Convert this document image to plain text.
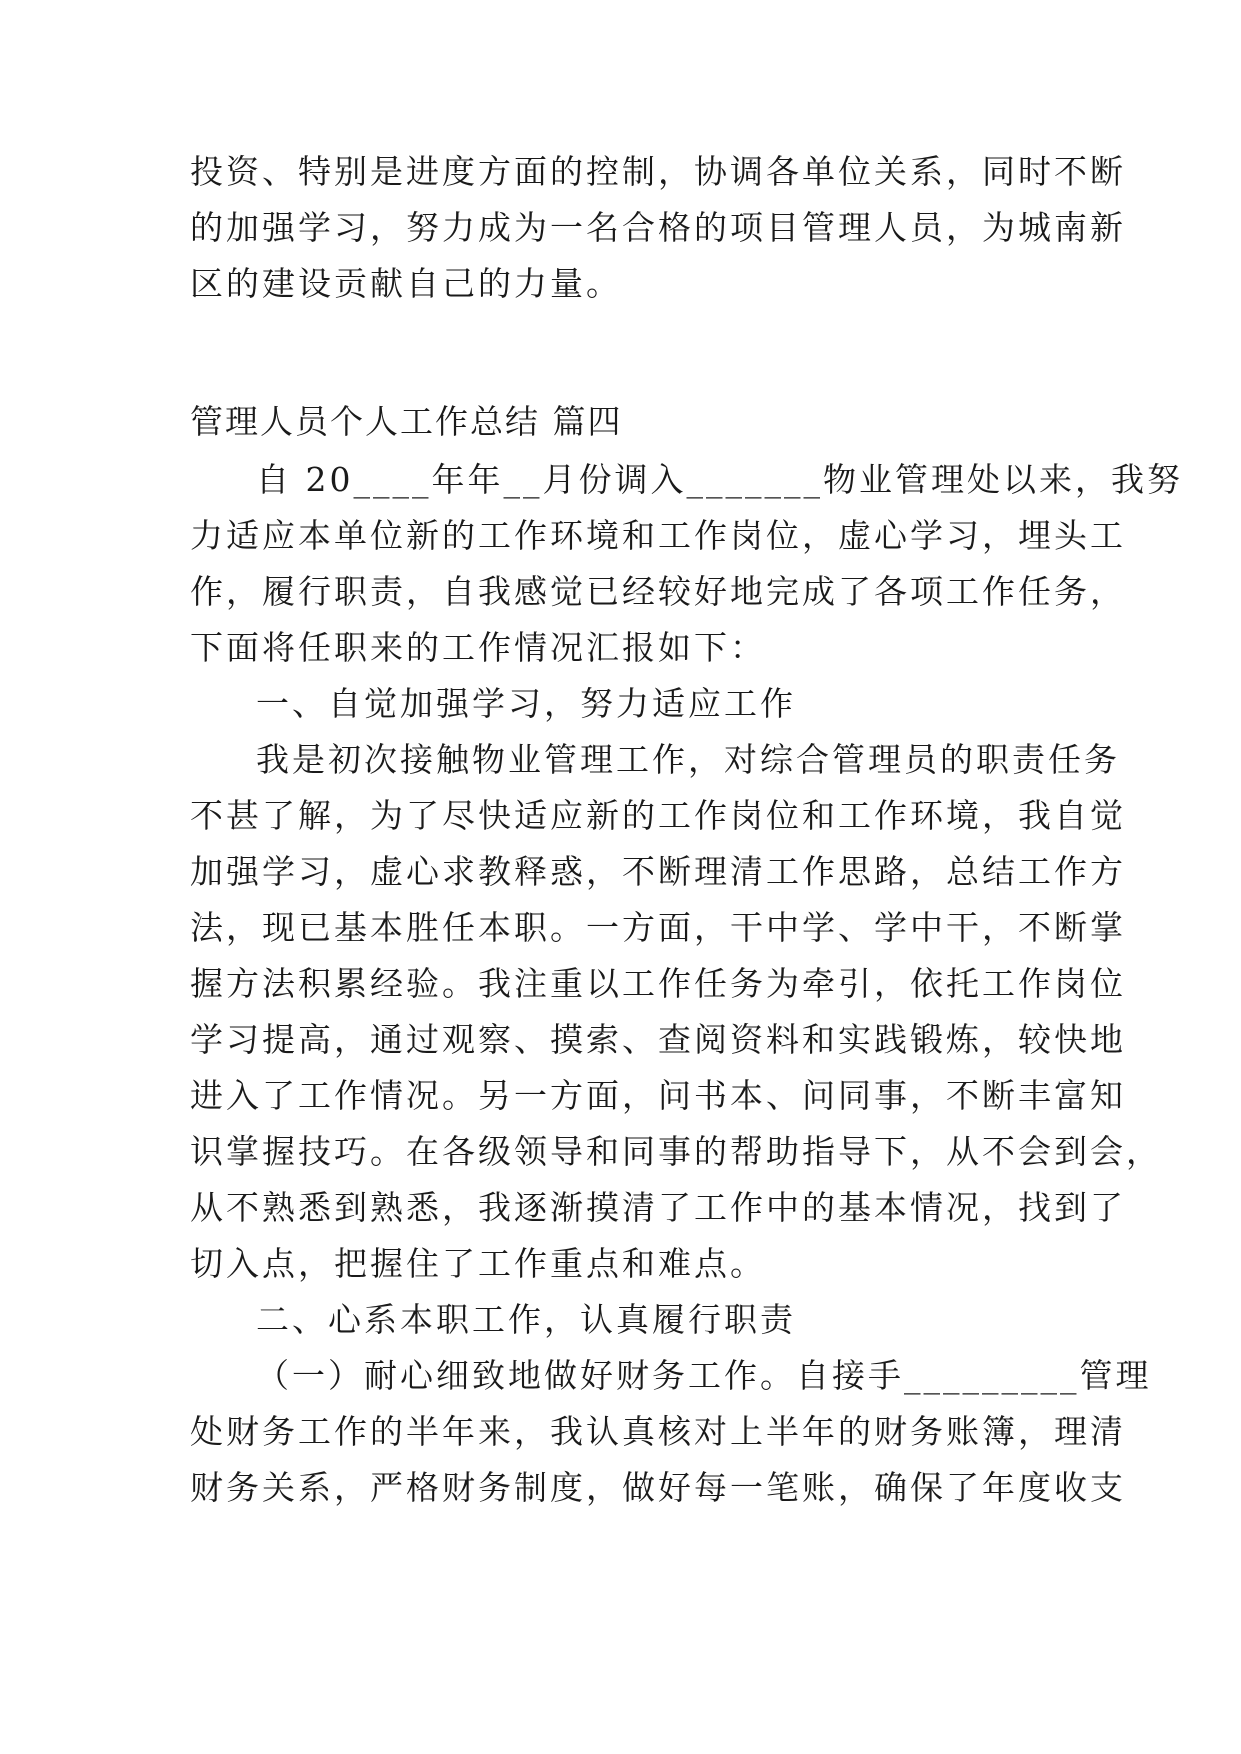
投资、特别是进度方面的控制，协调各单位关系，同时不断
的加强学习，努力成为一名合格的项目管理人员，为城南新
区的建设贡献自己的力量。
管理人员个人工作总结 篇四
自 20____年年__月份调入_______物业管理处以来，我努
力适应本单位新的工作环境和工作岗位，虚心学习，埋头工
作，履行职责，自我感觉已经较好地完成了各项工作任务，
下面将任职来的工作情况汇报如下：
一、自觉加强学习，努力适应工作
我是初次接触物业管理工作，对综合管理员的职责任务
不甚了解，为了尽快适应新的工作岗位和工作环境，我自觉
加强学习，虚心求教释惑，不断理清工作思路，总结工作方
法，现已基本胜任本职。一方面，干中学、学中干，不断掌
握方法积累经验。我注重以工作任务为牵引，依托工作岗位
学习提高，通过观察、摸索、查阅资料和实践锻炼，较快地
进入了工作情况。另一方面，问书本、问同事，不断丰富知
识掌握技巧。在各级领导和同事的帮助指导下，从不会到会，
从不熟悉到熟悉，我逐渐摸清了工作中的基本情况，找到了
切入点，把握住了工作重点和难点。
二、心系本职工作，认真履行职责
（一）耐心细致地做好财务工作。自接手_________管理
处财务工作的半年来，我认真核对上半年的财务账簿，理清
财务关系，严格财务制度，做好每一笔账，确保了年度收支
